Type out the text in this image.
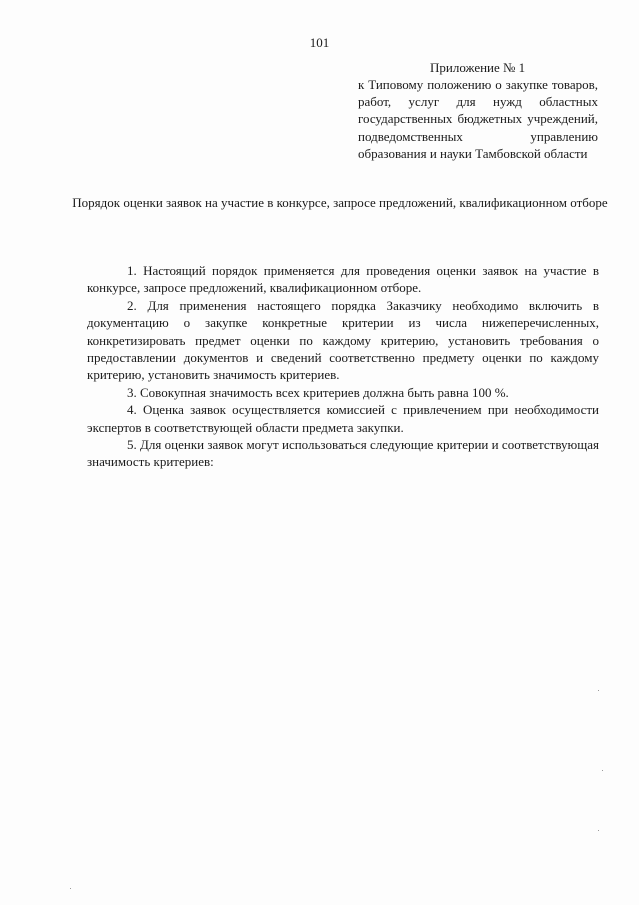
101
Приложение № 1
к Типовому положению о закупке товаров, работ, услуг для нужд областных государственных бюджетных учреждений, подведомственных управлению образования и науки Тамбовской области
Порядок оценки заявок на участие в конкурсе, запросе предложений, квалификационном отборе

1. Настоящий порядок применяется для проведения оценки заявок на участие в конкурсе, запросе предложений, квалификационном отборе.

2. Для применения настоящего порядка Заказчику необходимо включить в документацию о закупке конкретные критерии из числа нижеперечисленных, конкретизировать предмет оценки по каждому критерию, установить требования о предоставлении документов и сведений соответственно предмету оценки по каждому критерию, установить значимость критериев.

3. Совокупная значимость всех критериев должна быть равна 100 %.

4. Оценка заявок осуществляется комиссией с привлечением при необходимости экспертов в соответствующей области предмета закупки.

5. Для оценки заявок могут использоваться следующие критерии и соответствующая значимость критериев:
